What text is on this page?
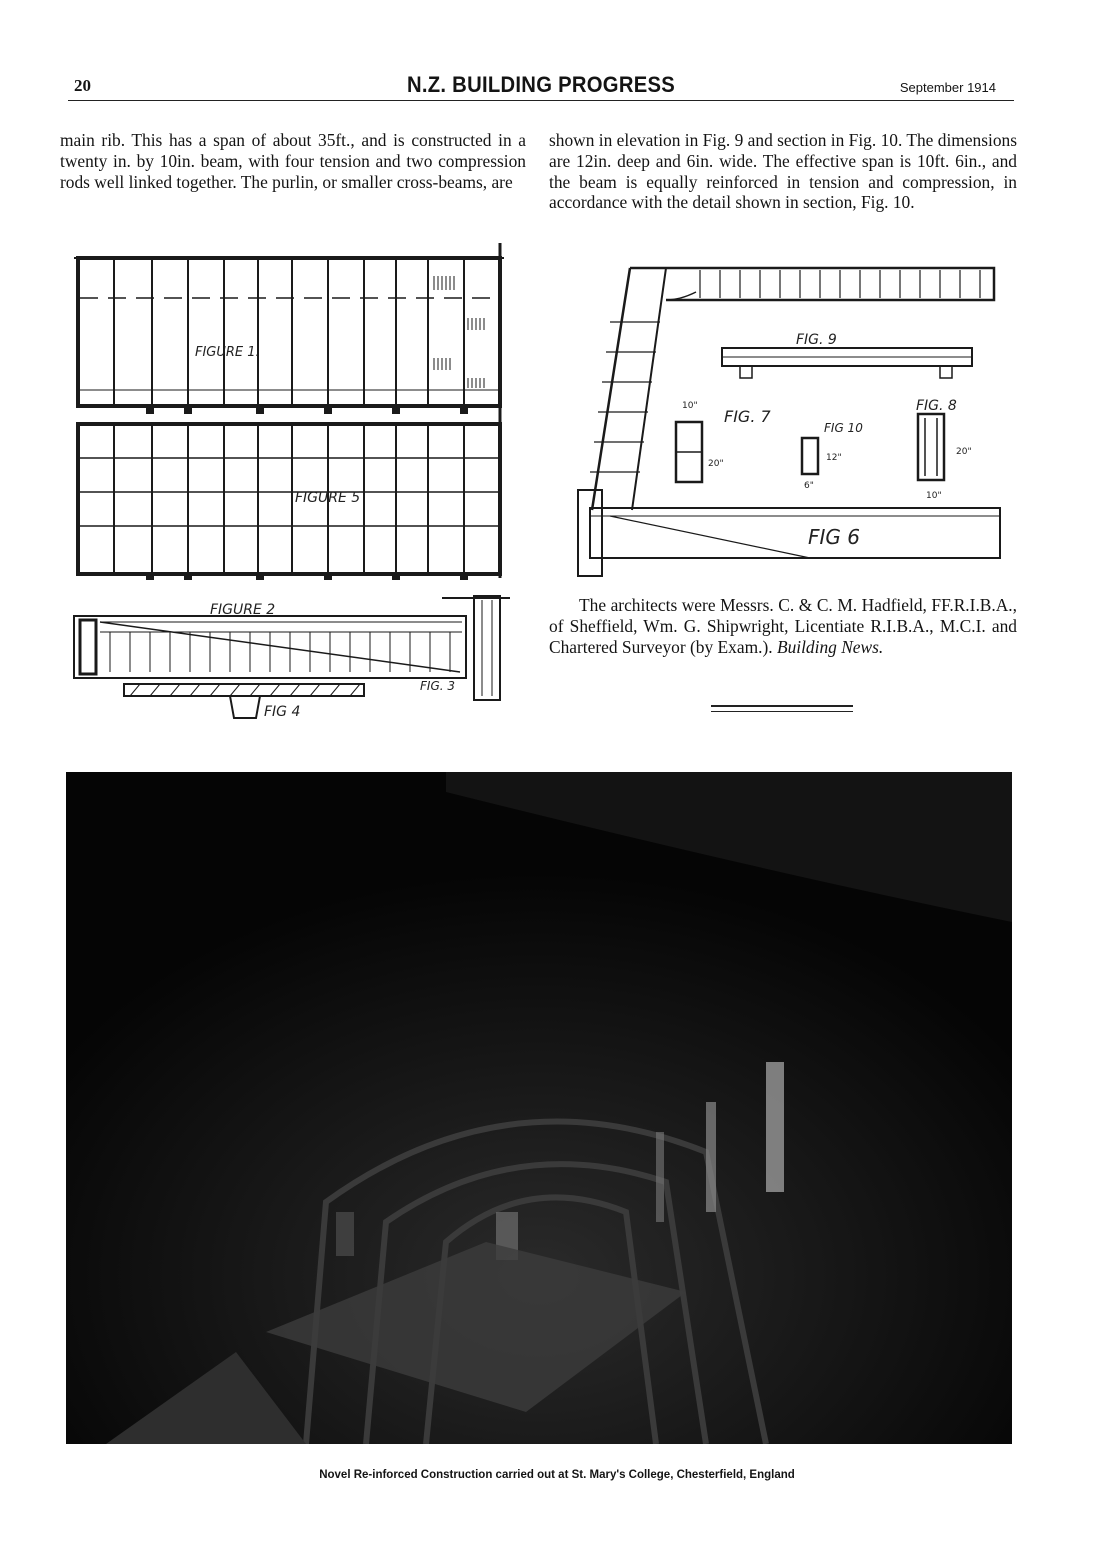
20	N.Z. BUILDING PROGRESS	September 1914
main rib. This has a span of about 35ft., and is constructed in a twenty in. by 10in. beam, with four tension and two compression rods well linked together. The purlin, or smaller cross-beams, are
shown in elevation in Fig. 9 and section in Fig. 10. The dimensions are 12in. deep and 6in. wide. The effective span is 10ft. 6in., and the beam is equally reinforced in tension and compression, in accordance with the detail shown in section, Fig. 10.
FIGURE 1.
FIGURE 5
FIGURE 2
FIG. 3
FIG 4
FIG. 9
FIG. 7
FIG 10
FIG. 8
FIG 6
10"
20"
6"
12"
20"
10"
The architects were Messrs. C. & C. M. Hadfield, FF.R.I.B.A., of Sheffield, Wm. G. Shipwright, Licentiate R.I.B.A., M.C.I. and Chartered Surveyor (by Exam.). Building News.
Novel Re-inforced Construction carried out at St. Mary's College, Chesterfield, England
